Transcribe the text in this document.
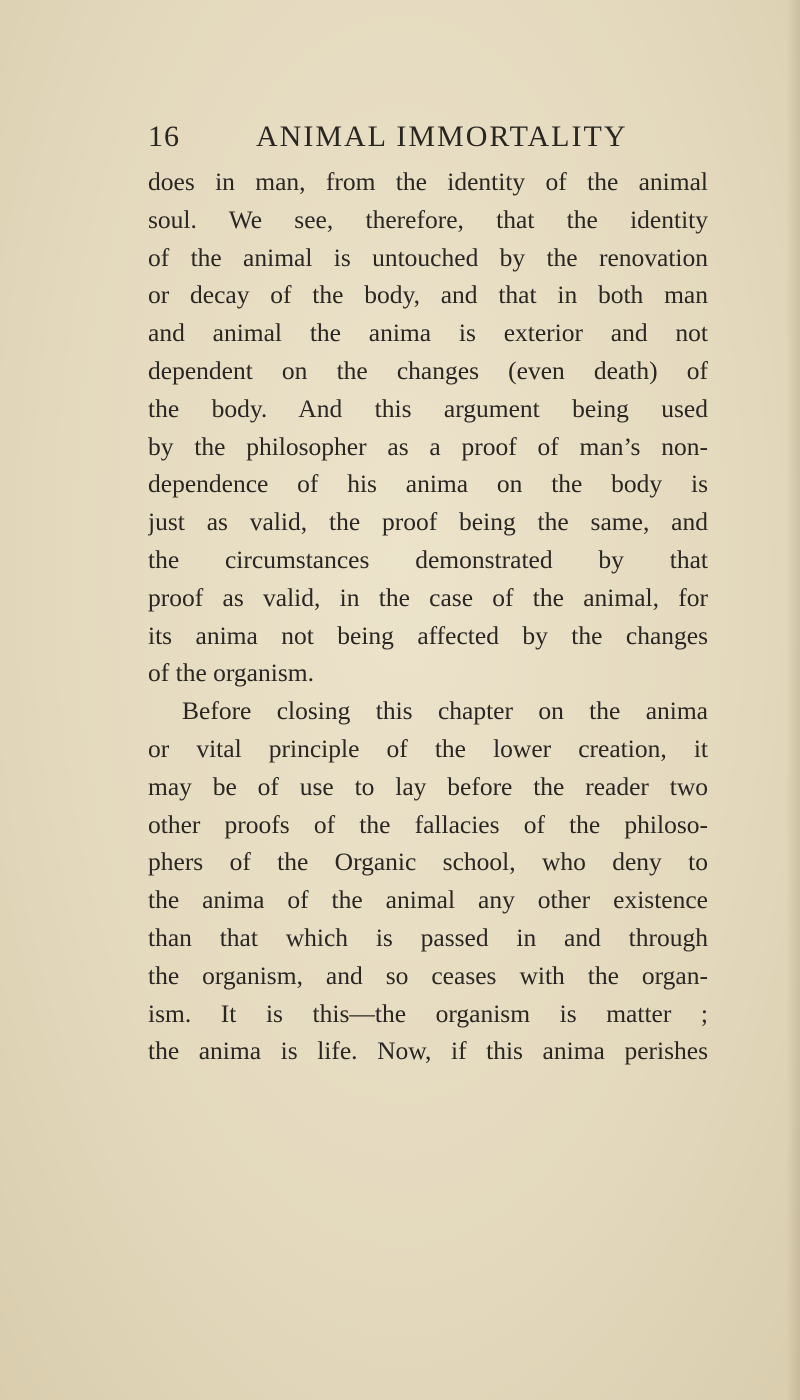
16	ANIMAL IMMORTALITY
does in man, from the identity of the animal
soul. We see, therefore, that the identity
of the animal is untouched by the renovation
or decay of the body, and that in both man
and animal the anima is exterior and not
dependent on the changes (even death) of
the body. And this argument being used
by the philosopher as a proof of man’s non-
dependence of his anima on the body is
just as valid, the proof being the same, and
the circumstances demonstrated by that
proof as valid, in the case of the animal, for
its anima not being affected by the changes
of the organism.
Before closing this chapter on the anima
or vital principle of the lower creation, it
may be of use to lay before the reader two
other proofs of the fallacies of the philoso-
phers of the Organic school, who deny to
the anima of the animal any other existence
than that which is passed in and through
the organism, and so ceases with the organ-
ism. It is this—the organism is matter ;
the anima is life. Now, if this anima perishes
